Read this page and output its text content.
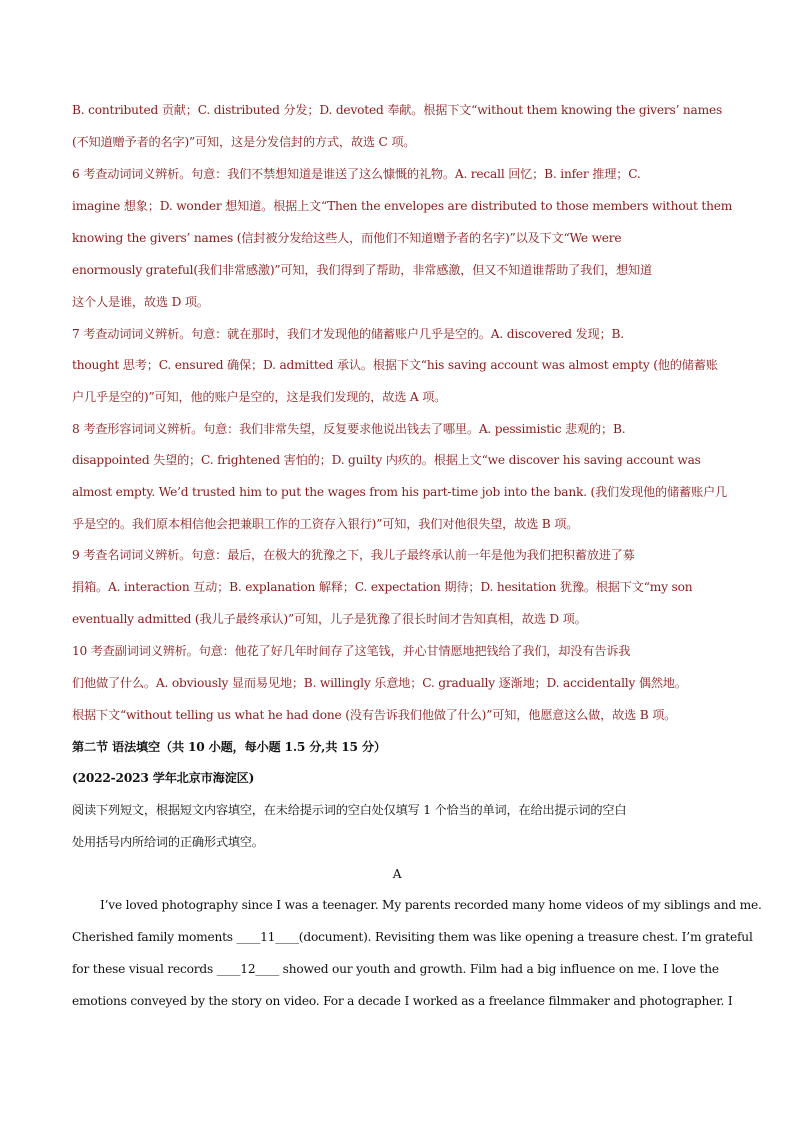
B. contributed 贡献；C. distributed 分发；D. devoted 奉献。根据下文“without them knowing the givers’ names
(不知道赠予者的名字)”可知，这是分发信封的方式，故选 C 项。
6 考查动词词义辨析。句意：我们不禁想知道是谁送了这么慷慨的礼物。A. recall 回忆；B. infer 推理；C.
imagine 想象；D. wonder 想知道。根据上文“Then the envelopes are distributed to those members without them
knowing the givers’ names (信封被分发给这些人，而他们不知道赠予者的名字)”以及下文“We were
enormously grateful(我们非常感激)”可知，我们得到了帮助，非常感激，但又不知道谁帮助了我们，想知道
这个人是谁，故选 D 项。
7 考查动词词义辨析。句意：就在那时，我们才发现他的储蓄账户几乎是空的。A. discovered 发现；B.
thought 思考；C. ensured 确保；D. admitted 承认。根据下文“his saving account was almost empty (他的储蓄账
户几乎是空的)”可知，他的账户是空的，这是我们发现的，故选 A 项。
8 考查形容词词义辨析。句意：我们非常失望，反复要求他说出钱去了哪里。A. pessimistic 悲观的；B.
disappointed 失望的；C. frightened 害怕的；D. guilty 内疚的。根据上文“we discover his saving account was
almost empty. We’d trusted him to put the wages from his part-time job into the bank. (我们发现他的储蓄账户几
乎是空的。我们原本相信他会把兼职工作的工资存入银行)”可知，我们对他很失望，故选 B 项。
9 考查名词词义辨析。句意：最后，在极大的犹豫之下，我儿子最终承认前一年是他为我们把积蓄放进了募
捐箱。A. interaction 互动；B. explanation 解释；C. expectation 期待；D. hesitation 犹豫。根据下文“my son
eventually admitted (我儿子最终承认)”可知，儿子是犹豫了很长时间才告知真相，故选 D 项。
10 考查副词词义辨析。句意：他花了好几年时间存了这笔钱，并心甘情愿地把钱给了我们，却没有告诉我
们他做了什么。A. obviously 显而易见地；B. willingly 乐意地；C. gradually 逐渐地；D. accidentally 偶然地。
根据下文“without telling us what he had done (没有告诉我们他做了什么)”可知，他愿意这么做，故选 B 项。
第二节 语法填空（共 10 小题，每小题 1.5 分,共 15 分）
(2022-2023 学年北京市海淀区)
阅读下列短文，根据短文内容填空，在未给提示词的空白处仅填写 1 个恰当的单词，在给出提示词的空白
处用括号内所给词的正确形式填空。
A
I’ve loved photography since I was a teenager. My parents recorded many home videos of my siblings and me.
Cherished family moments ____11____(document). Revisiting them was like opening a treasure chest. I’m grateful
for these visual records ____12____ showed our youth and growth. Film had a big influence on me. I love the
emotions conveyed by the story on video. For a decade I worked as a freelance filmmaker and photographer. I
